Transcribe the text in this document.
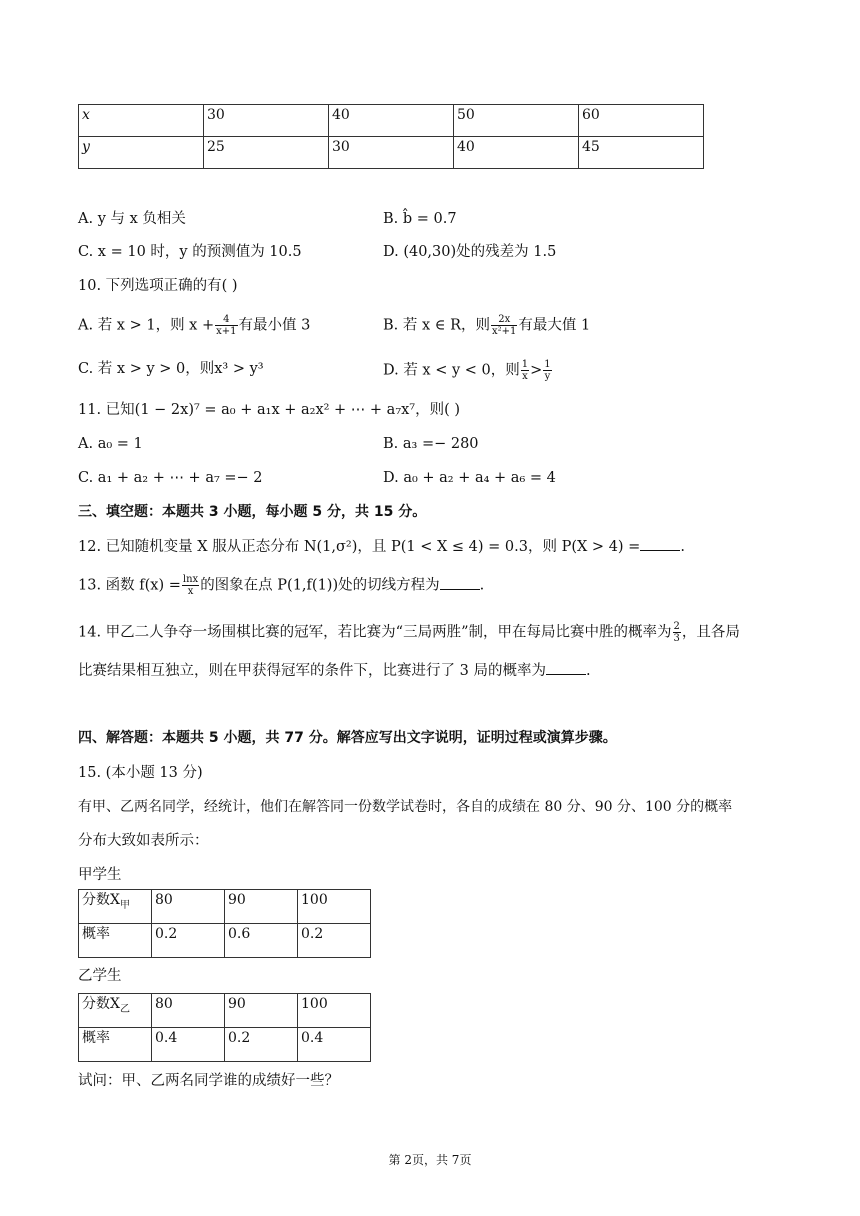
x	30	40	50	60
y	25	30	40	45
A. y 与 x 负相关	B. b̂ = 0.7
C. x = 10 时，y 的预测值为 10.5	D. (40,30)处的残差为 1.5
10. 下列选项正确的有( )
A. 若 x > 1，则 $x + \frac{4}{x+1}$ 有最小值 3	B. 若 x ∈ R，则 $\frac{2x}{\text{x²+1}}$ 有最大值 1
C. 若 x > y > 0，则x³ > y³	D. 若 x < y < 0，则 $\frac{1}{x} > \frac{1}{y}$
11. 已知(1 − 2x)⁷ = a₀ + a₁x + a₂x² + ⋯ + a₇x⁷，则( )
A. a₀ = 1	B. a₃ =− 280
C. a₁ + a₂ + ⋯ + a₇ =− 2	D. a₀ + a₂ + a₄ + a₆ = 4
三、填空题：本题共 3 小题，每小题 5 分，共 15 分。
12. 已知随机变量 X 服从正态分布 N(1,σ²)，且 P(1 < X ≤ 4) = 0.3，则 P(X > 4) =	.
13. 函数 $f(x) = \frac{\ln x}{x}$ 的图象在点 P(1,f(1))处的切线方程为	.
14. 甲乙二人争夺一场围棋比赛的冠军，若比赛为“三局两胜”制，甲在每局比赛中胜的概率为 $\frac{2}{3}$ ，且各局
比赛结果相互独立，则在甲获得冠军的条件下，比赛进行了 3 局的概率为	.
四、解答题：本题共 5 小题，共 77 分。解答应写出文字说明，证明过程或演算步骤。
15. (本小题 13 分)
有甲、乙两名同学，经统计，他们在解答同一份数学试卷时，各自的成绩在 80 分、90 分、100 分的概率
分布大致如表所示：
甲学生
分数$X_甲$	80	90	100
概率	0.2	0.6	0.2
乙学生
分数$X_乙$	80	90	100
概率	0.4	0.2	0.4
试问：甲、乙两名同学谁的成绩好一些？
第 2页，共 7页
